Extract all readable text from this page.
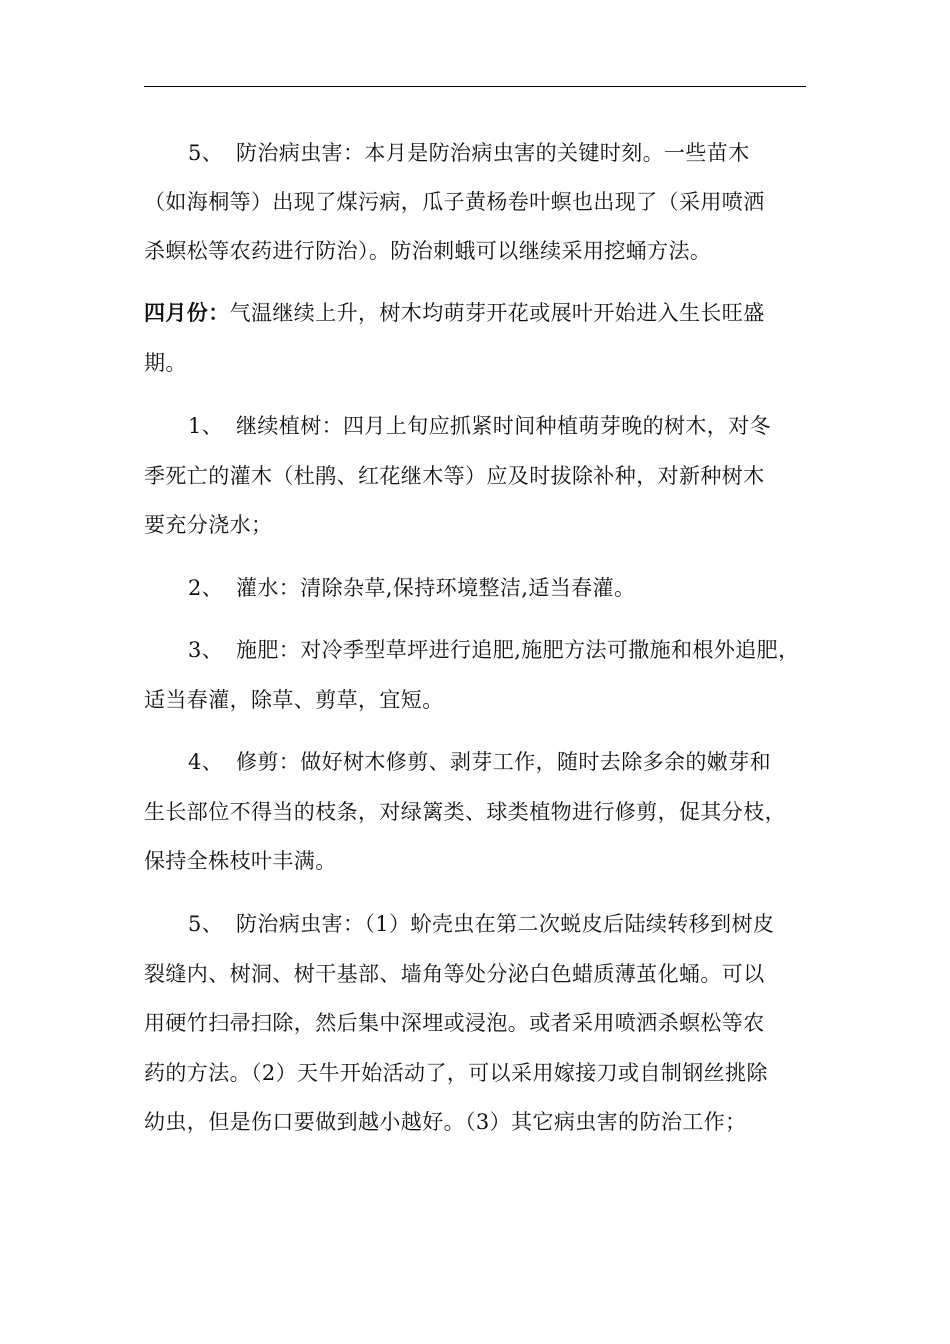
5、 防治病虫害：本月是防治病虫害的关键时刻。一些苗木
（如海桐等）出现了煤污病，瓜子黄杨卷叶螟也出现了（采用喷洒
杀螟松等农药进行防治）。防治刺蛾可以继续采用挖蛹方法。
四月份：气温继续上升，树木均萌芽开花或展叶开始进入生长旺盛
期。
1、 继续植树：四月上旬应抓紧时间种植萌芽晚的树木，对冬
季死亡的灌木（杜鹃、红花继木等）应及时拔除补种，对新种树木
要充分浇水；
2、 灌水：清除杂草,保持环境整洁,适当春灌。
3、 施肥：对冷季型草坪进行追肥,施肥方法可撒施和根外追肥，
适当春灌，除草、剪草，宜短。
4、 修剪：做好树木修剪、剥芽工作，随时去除多余的嫩芽和
生长部位不得当的枝条，对绿篱类、球类植物进行修剪，促其分枝，
保持全株枝叶丰满。
5、 防治病虫害：（1）蚧壳虫在第二次蜕皮后陆续转移到树皮
裂缝内、树洞、树干基部、墙角等处分泌白色蜡质薄茧化蛹。可以
用硬竹扫帚扫除，然后集中深埋或浸泡。或者采用喷洒杀螟松等农
药的方法。（2）天牛开始活动了，可以采用嫁接刀或自制钢丝挑除
幼虫，但是伤口要做到越小越好。（3）其它病虫害的防治工作；
